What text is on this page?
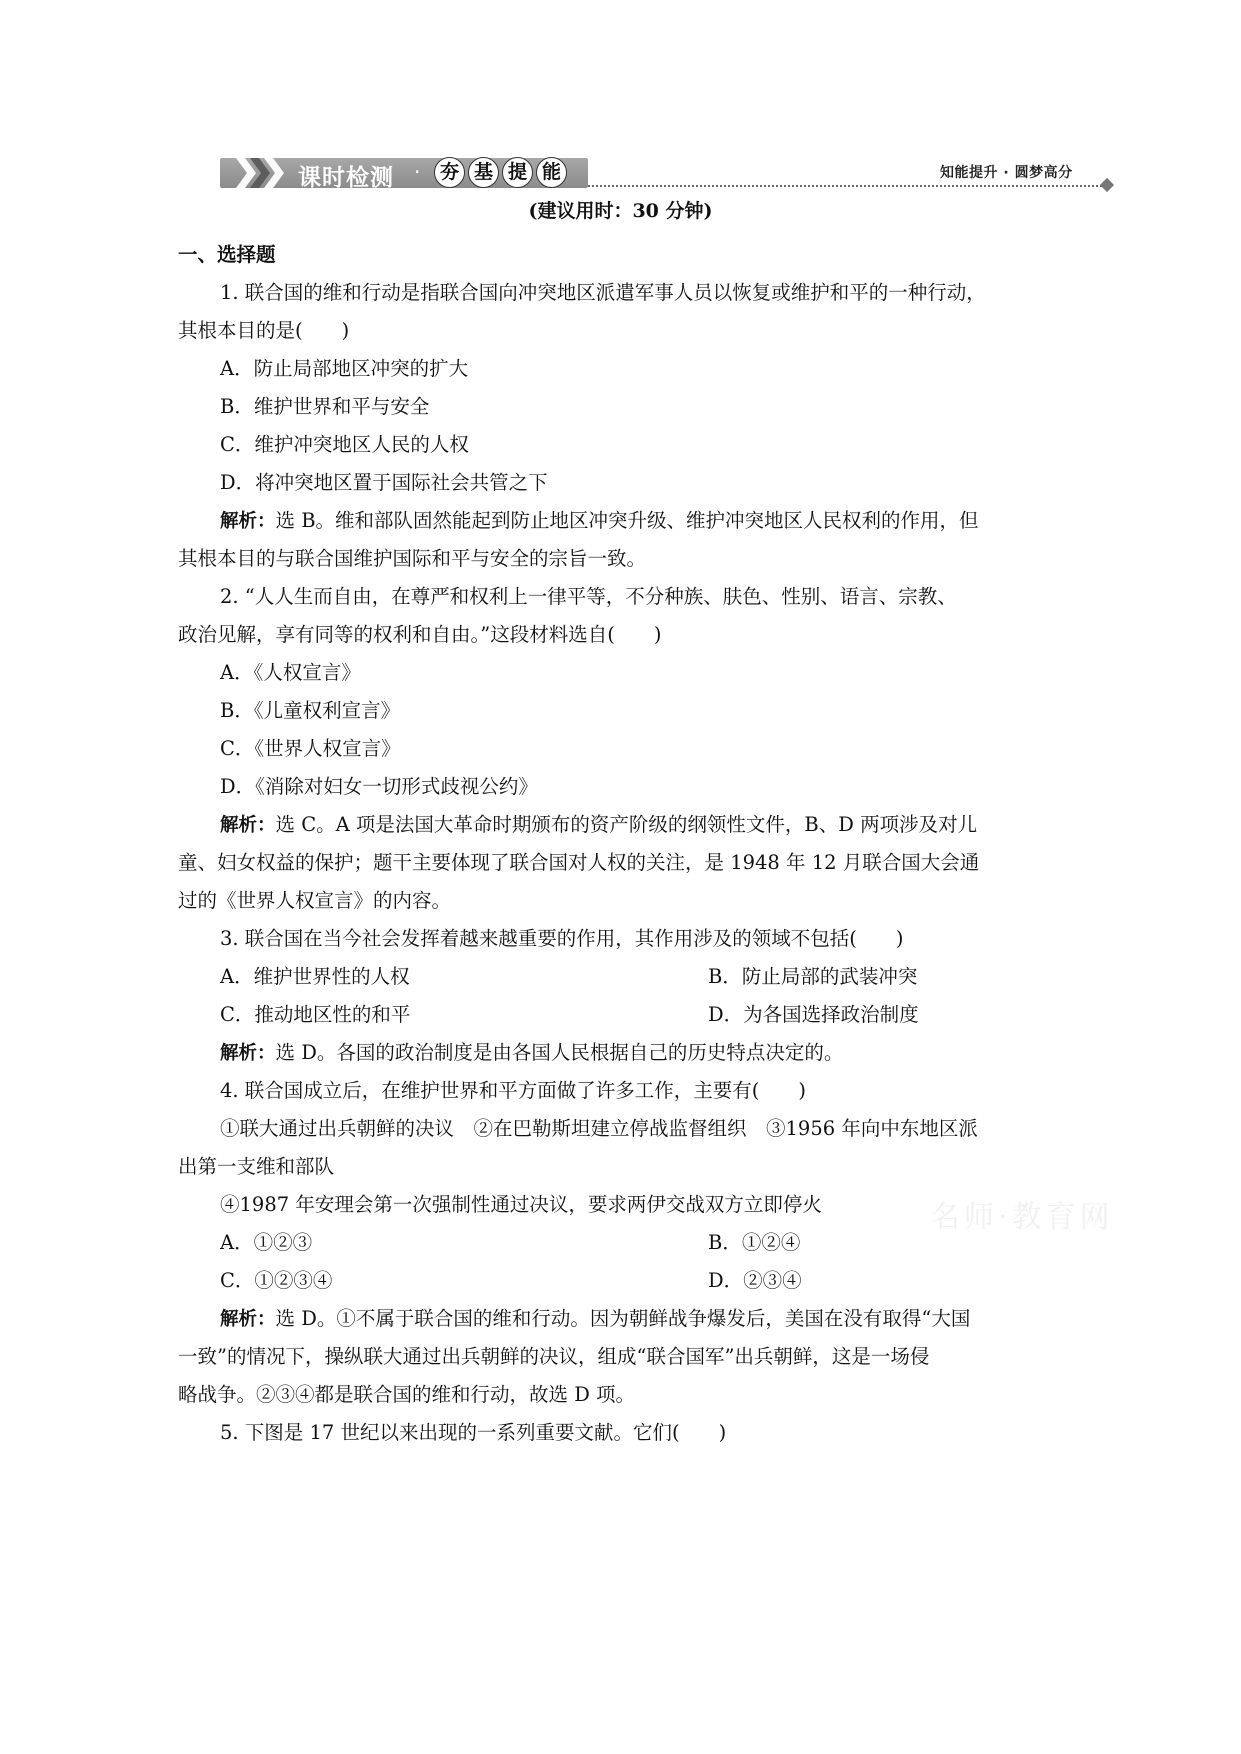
课时检测 ·	夯 基 提 能	知能提升 · 圆梦高分
(建议用时：30 分钟)
名师·教育网
一、选择题
1. 联合国的维和行动是指联合国向冲突地区派遣军事人员以恢复或维护和平的一种行动，
其根本目的是(　　)
A．防止局部地区冲突的扩大
B．维护世界和平与安全
C．维护冲突地区人民的人权
D．将冲突地区置于国际社会共管之下
解析：选 B。维和部队固然能起到防止地区冲突升级、维护冲突地区人民权利的作用，但
其根本目的与联合国维护国际和平与安全的宗旨一致。
2. “人人生而自由，在尊严和权利上一律平等，不分种族、肤色、性别、语言、宗教、
政治见解，享有同等的权利和自由。”这段材料选自(　　)
A．《人权宣言》
B．《儿童权利宣言》
C．《世界人权宣言》
D．《消除对妇女一切形式歧视公约》
解析：选 C。A 项是法国大革命时期颁布的资产阶级的纲领性文件，B、D 两项涉及对儿
童、妇女权益的保护；题干主要体现了联合国对人权的关注，是 1948 年 12 月联合国大会通
过的《世界人权宣言》的内容。
3. 联合国在当今社会发挥着越来越重要的作用，其作用涉及的领域不包括(　　)
A．维护世界性的人权	B．防止局部的武装冲突
C．推动地区性的和平	D．为各国选择政治制度
解析：选 D。各国的政治制度是由各国人民根据自己的历史特点决定的。
4. 联合国成立后，在维护世界和平方面做了许多工作，主要有(　　)
①联大通过出兵朝鲜的决议　②在巴勒斯坦建立停战监督组织　③1956 年向中东地区派
出第一支维和部队
④1987 年安理会第一次强制性通过决议，要求两伊交战双方立即停火
A．①②③	B．①②④
C．①②③④	D．②③④
解析：选 D。①不属于联合国的维和行动。因为朝鲜战争爆发后，美国在没有取得“大国
一致”的情况下，操纵联大通过出兵朝鲜的决议，组成“联合国军”出兵朝鲜，这是一场侵
略战争。②③④都是联合国的维和行动，故选 D 项。
5. 下图是 17 世纪以来出现的一系列重要文献。它们(　　)
